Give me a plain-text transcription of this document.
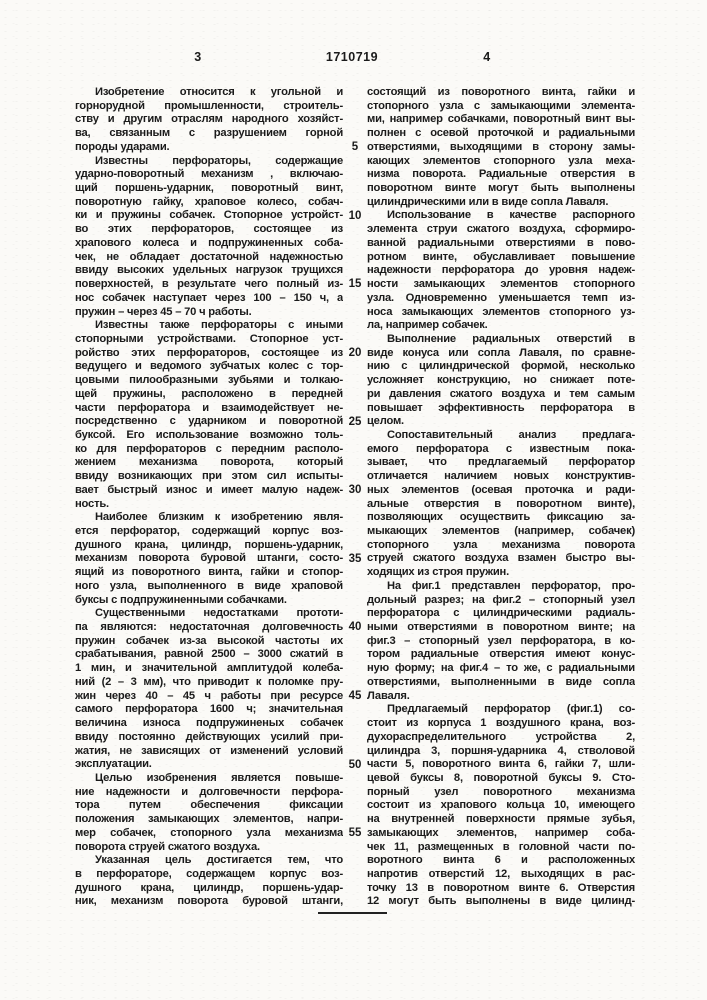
3	1710719	4
Изобретение относится к угольной и
горнорудной промышленности, строитель-
ству и другим отраслям народного хозяйст-
ва, связанным с разрушением горной
породы ударами.
Известны перфораторы, содержащие
ударно-поворотный механизм , включаю-
щий поршень-ударник, поворотный винт,
поворотную гайку, храповое колесо, собач-
ки и пружины собачек. Стопорное устройст-
во этих перфораторов, состоящее из
храпового колеса и подпружиненных соба-
чек, не обладает достаточной надежностью
ввиду высоких удельных нагрузок трущихся
поверхностей, в результате чего полный из-
нос собачек наступает через 100 – 150 ч, а
пружин – через 45 – 70 ч работы.
Известны также перфораторы с иными
стопорными устройствами. Стопорное уст-
ройство этих перфораторов, состоящее из
ведущего и ведомого зубчатых колес с тор-
цовыми пилообразными зубьями и толкаю-
щей пружины, расположено в передней
части перфоратора и взаимодействует не-
посредственно с ударником и поворотной
буксой. Его использование возможно толь-
ко для перфораторов с передним располо-
жением механизма поворота, который
ввиду возникающих при этом сил испыты-
вает быстрый износ и имеет малую надеж-
ность.
Наиболее близким к изобретению явля-
ется перфоратор, содержащий корпус воз-
душного крана, цилиндр, поршень-ударник,
механизм поворота буровой штанги, состо-
ящий из поворотного винта, гайки и стопор-
ного узла, выполненного в виде храповой
буксы с подпружиненными собачками.
Существенными недостатками прототи-
па являются: недостаточная долговечность
пружин собачек из-за высокой частоты их
срабатывания, равной 2500 – 3000 сжатий в
1 мин, и значительной амплитудой колеба-
ний (2 – 3 мм), что приводит к поломке пру-
жин через 40 – 45 ч работы при ресурсе
самого перфоратора 1600 ч; значительная
величина износа подпружиненых собачек
ввиду постоянно действующих усилий при-
жатия, не зависящих от изменений условий
эксплуатации.
Целью изобренения является повыше-
ние надежности и долговечности перфора-
тора путем обеспечения фиксации
положения замыкающих элементов, напри-
мер собачек, стопорного узла механизма
поворота струей сжатого воздуха.
Указанная цель достигается тем, что
в перфораторе, содержащем корпус воз-
душного крана, цилиндр, поршень-удар-
ник, механизм поворота буровой штанги,
5
10
15
20
25
30
35
40
45
50
55
состоящий из поворотного винта, гайки и
стопорного узла с замыкающими элемента-
ми, например собачками, поворотный винт вы-
полнен с осевой проточкой и радиальными
отверстиями, выходящими в сторону замы-
кающих элементов стопорного узла меха-
низма поворота. Радиальные отверстия в
поворотном винте могут быть выполнены
цилиндрическими или в виде сопла Лаваля.
Использование в качестве распорного
элемента струи сжатого воздуха, сформиро-
ванной радиальными отверстиями в пово-
ротном винте, обуславливает повышение
надежности перфоратора до уровня надеж-
ности замыкающих элементов стопорного
узла. Одновременно уменьшается темп из-
носа замыкающих элементов стопорного уз-
ла, например собачек.
Выполнение радиальных отверстий в
виде конуса или сопла Лаваля, по сравне-
нию с цилиндрической формой, несколько
усложняет конструкцию, но снижает поте-
ри давления сжатого воздуха и тем самым
повышает эффективность перфоратора в
целом.
Сопоставительный анализ предлага-
емого перфоратора с известным пока-
зывает, что предлагаемый перфоратор
отличается наличием новых конструктив-
ных элементов (осевая проточка и ради-
альные отверстия в поворотном винте),
позволяющих осуществить фиксацию за-
мыкающих элементов (например, собачек)
стопорного узла механизма поворота
струей сжатого воздуха взамен быстро вы-
ходящих из строя пружин.
На фиг.1 представлен перфоратор, про-
дольный разрез; на фиг.2 – стопорный узел
перфоратора с цилиндрическими радиаль-
ными отверстиями в поворотном винте; на
фиг.3 – стопорный узел перфоратора, в ко-
тором радиальные отверстия имеют конус-
ную форму; на фиг.4 – то же, с радиальными
отверстиями, выполненными в виде сопла
Лаваля.
Предлагаемый перфоратор (фиг.1) со-
стоит из корпуса 1 воздушного крана, воз-
духораспределительного устройства 2,
цилиндра 3, поршня-ударника 4, стволовой
части 5, поворотного винта 6, гайки 7, шли-
цевой буксы 8, поворотной буксы 9. Сто-
порный узел поворотного механизма
состоит из храпового кольца 10, имеющего
на внутренней поверхности прямые зубья,
замыкающих элементов, например соба-
чек 11, размещенных в головной части по-
воротного винта 6 и расположенных
напротив отверстий 12, выходящих в рас-
точку 13 в поворотном винте 6. Отверстия
12 могут быть выполнены в виде цилинд-
